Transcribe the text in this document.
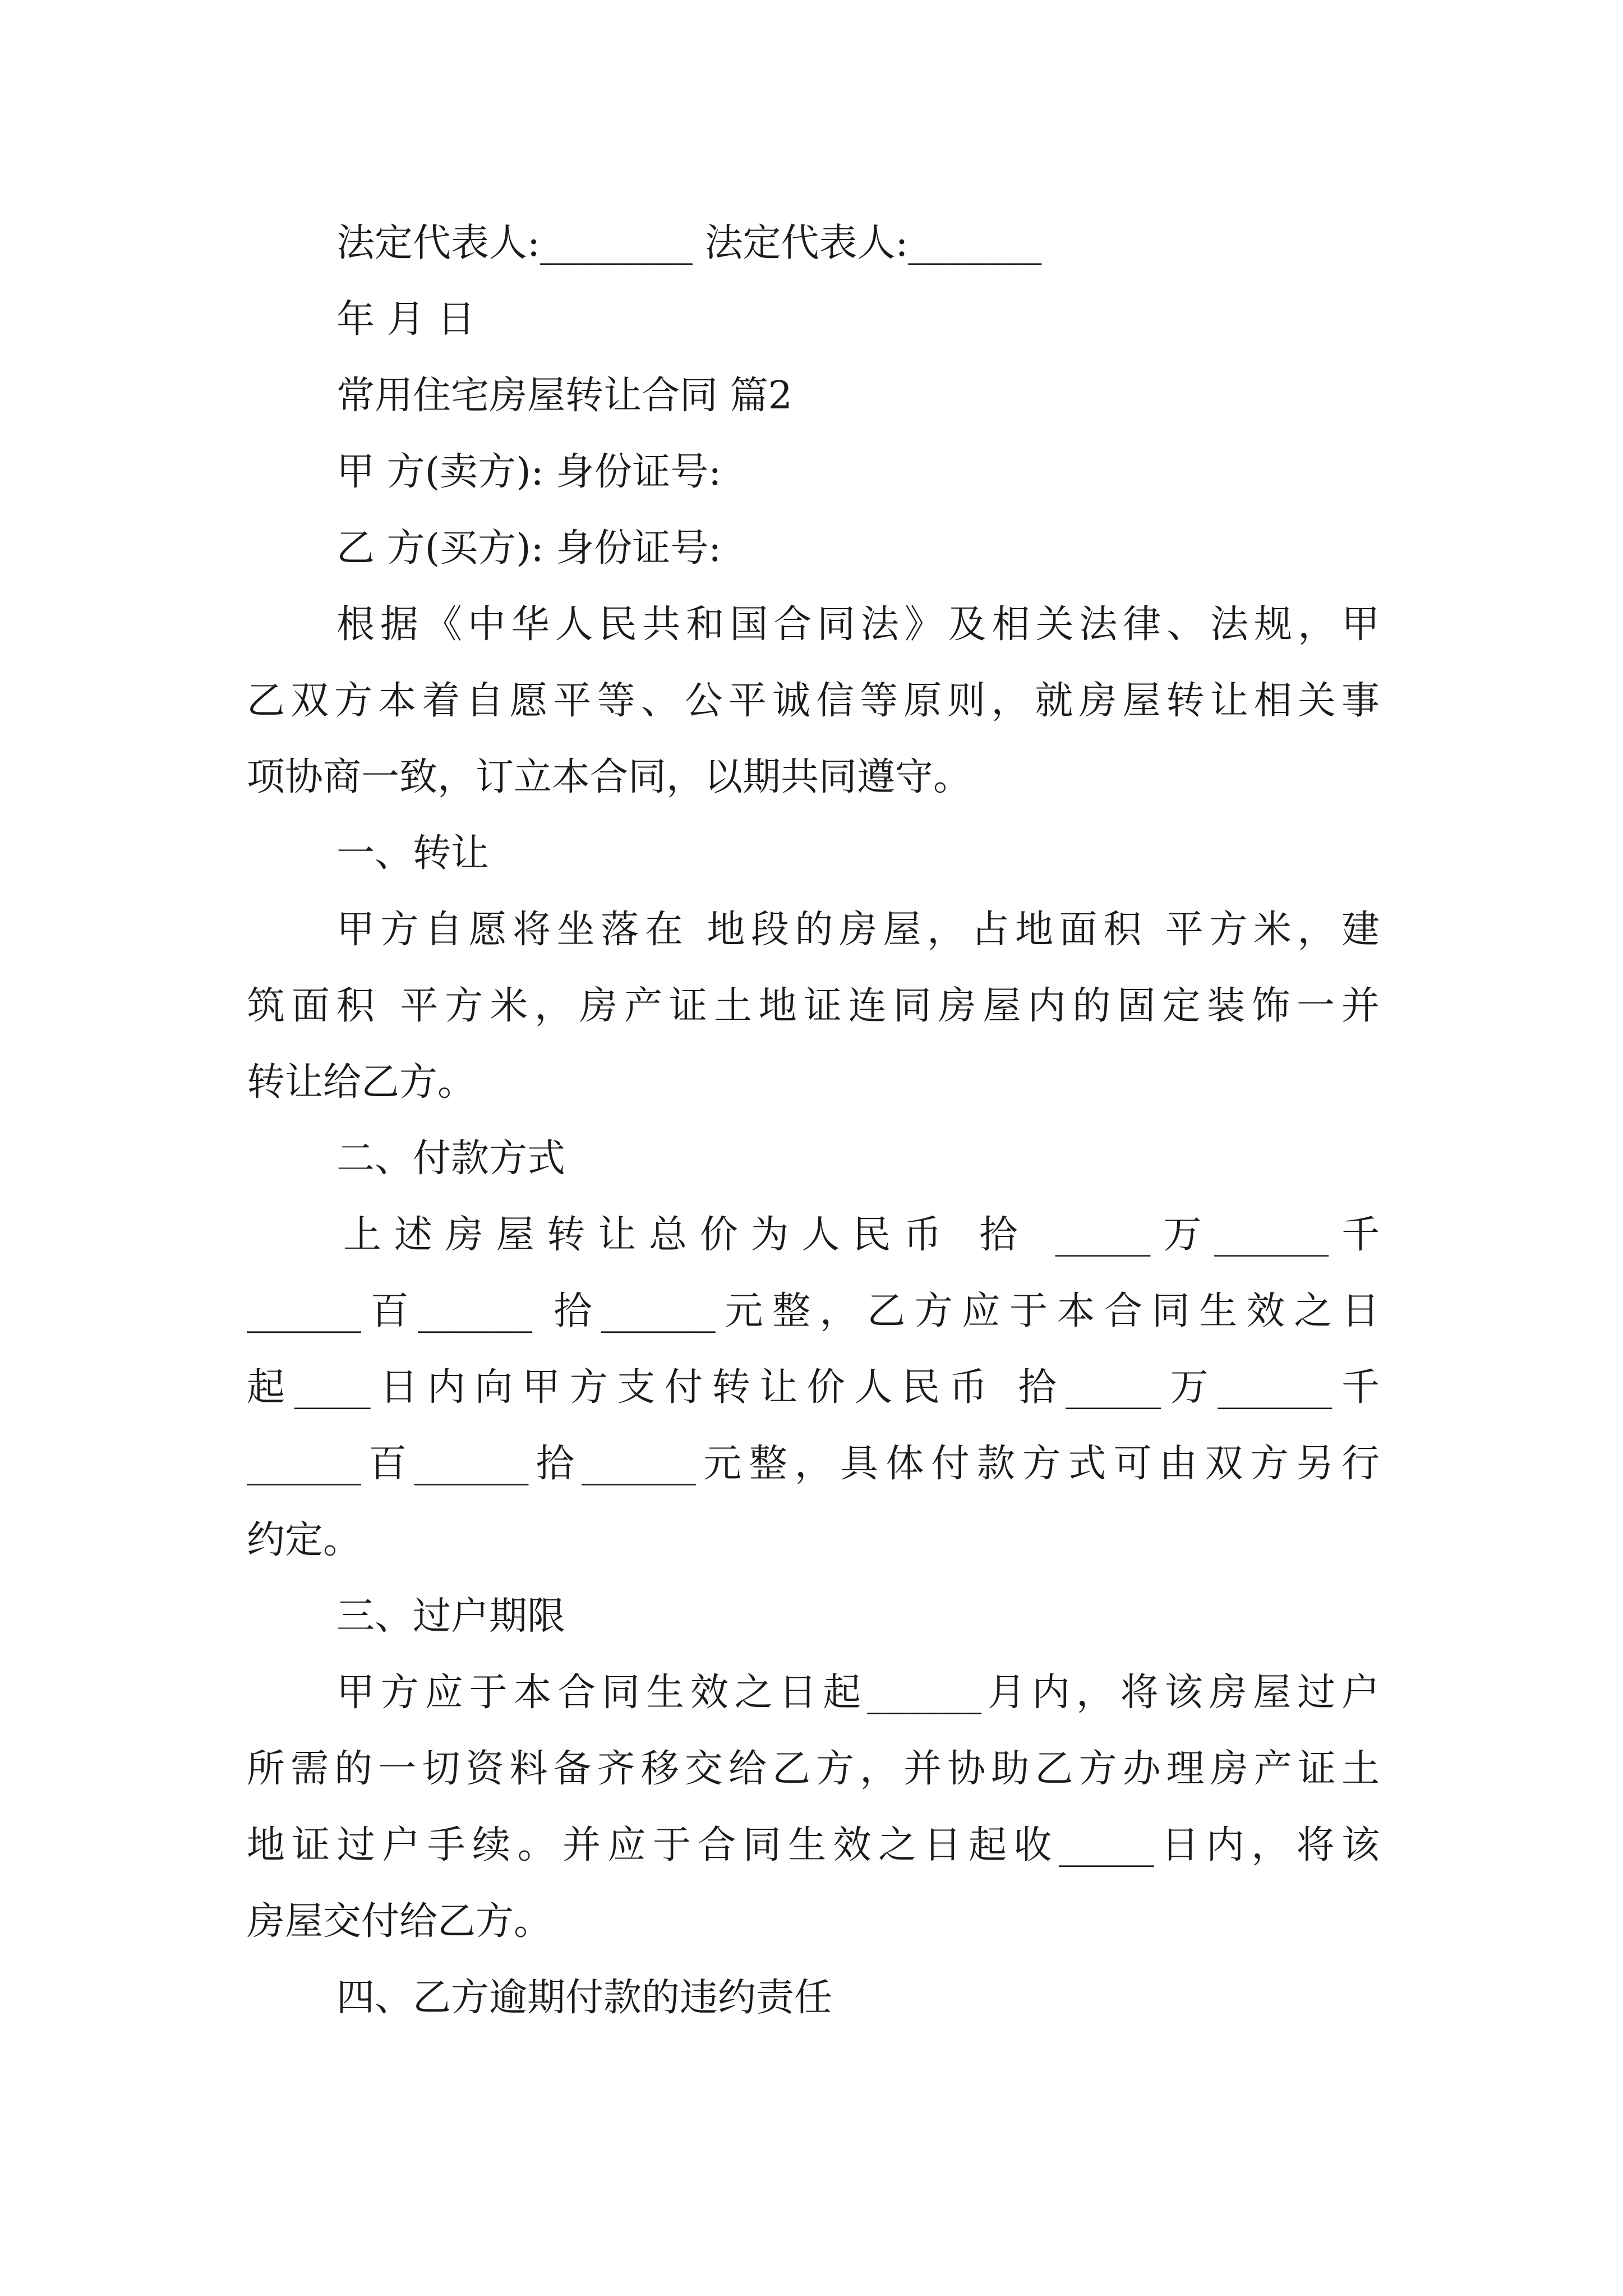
法定代表人:________ 法定代表人:_______
年 月 日
常用住宅房屋转让合同 篇2
甲 方(卖方): 身份证号:
乙 方(买方): 身份证号:
根据《中华人民共和国合同法》及相关法律、法规，甲
乙双方本着自愿平等、公平诚信等原则，就房屋转让相关事
项协商一致，订立本合同，以期共同遵守。
一、转让
甲方自愿将坐落在 地段的房屋，占地面积 平方米，建
筑面积 平方米，房产证土地证连同房屋内的固定装饰一并
转让给乙方。
二、付款方式
上述房屋转让总价为人民币 拾 _____万______千
______百______ 拾______元整，乙方应于本合同生效之日
起____日内向甲方支付转让价人民币 拾_____万______千
______百______拾______元整，具体付款方式可由双方另行
约定。
三、过户期限
甲方应于本合同生效之日起______月内，将该房屋过户
所需的一切资料备齐移交给乙方，并协助乙方办理房产证土
地证过户手续。并应于合同生效之日起收_____日内，将该
房屋交付给乙方。
四、乙方逾期付款的违约责任
